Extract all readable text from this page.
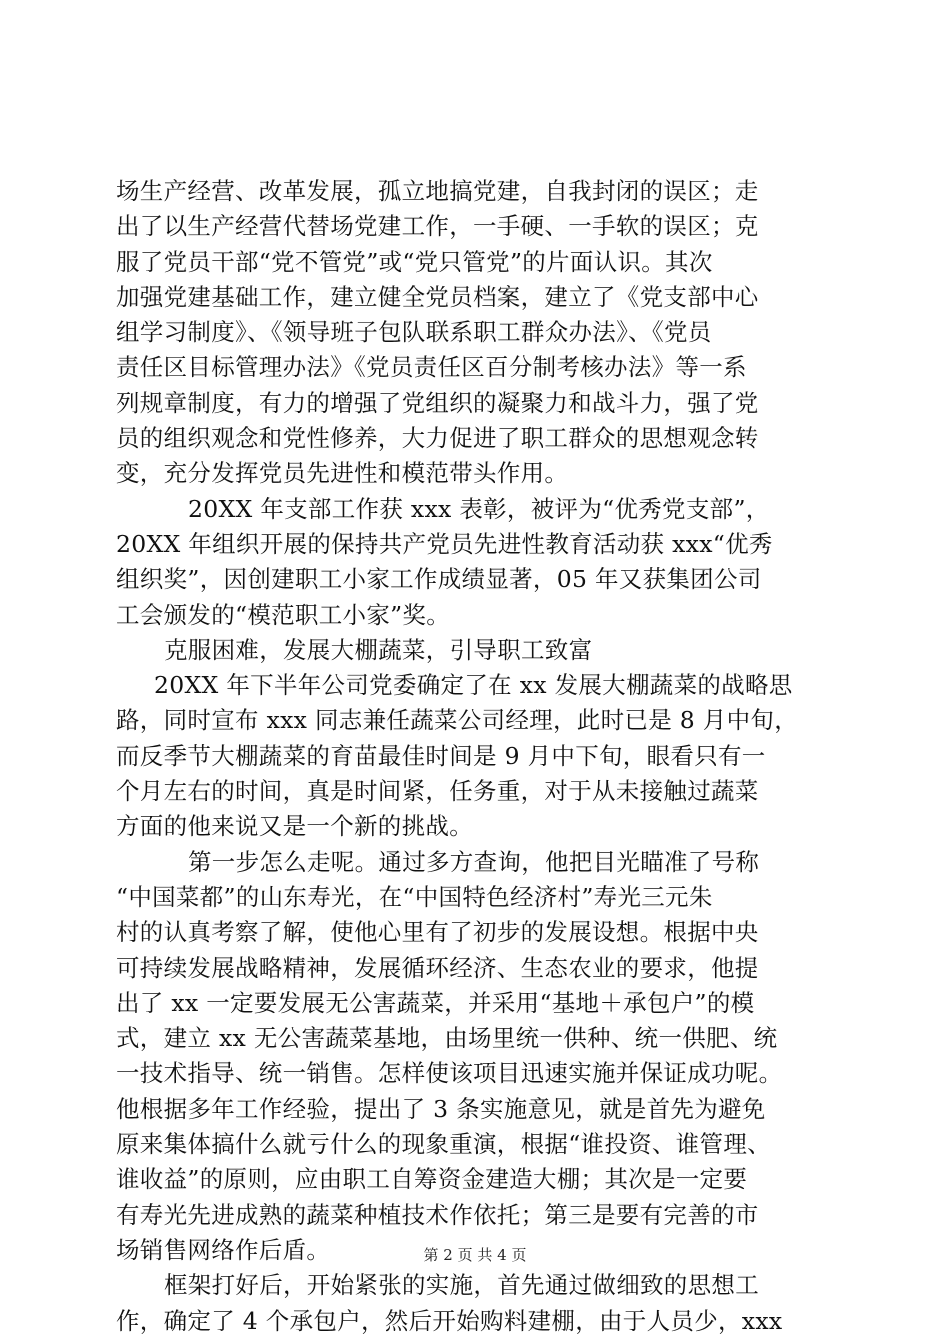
场生产经营、改革发展，孤立地搞党建，自我封闭的误区；走
出了以生产经营代替场党建工作，一手硬、一手软的误区；克
服了党员干部“党不管党”或“党只管党”的片面认识。其次
加强党建基础工作，建立健全党员档案，建立了《党支部中心
组学习制度》、《领导班子包队联系职工群众办法》、《党员
责任区目标管理办法》《党员责任区百分制考核办法》等一系
列规章制度，有力的增强了党组织的凝聚力和战斗力，强了党
员的组织观念和党性修养，大力促进了职工群众的思想观念转
变，充分发挥党员先进性和模范带头作用。
20XX 年支部工作获 xxx 表彰，被评为“优秀党支部”，
20XX 年组织开展的保持共产党员先进性教育活动获 xxx“优秀
组织奖”，因创建职工小家工作成绩显著，05 年又获集团公司
工会颁发的“模范职工小家”奖。
克服困难，发展大棚蔬菜，引导职工致富
20XX 年下半年公司党委确定了在 xx 发展大棚蔬菜的战略思
路，同时宣布 xxx 同志兼任蔬菜公司经理，此时已是 8 月中旬，
而反季节大棚蔬菜的育苗最佳时间是 9 月中下旬，眼看只有一
个月左右的时间，真是时间紧，任务重，对于从未接触过蔬菜
方面的他来说又是一个新的挑战。
第一步怎么走呢。通过多方查询，他把目光瞄准了号称
“中国菜都”的山东寿光，在“中国特色经济村”寿光三元朱
村的认真考察了解，使他心里有了初步的发展设想。根据中央
可持续发展战略精神，发展循环经济、生态农业的要求，他提
出了 xx 一定要发展无公害蔬菜，并采用“基地＋承包户”的模
式，建立 xx 无公害蔬菜基地，由场里统一供种、统一供肥、统
一技术指导、统一销售。怎样使该项目迅速实施并保证成功呢。
他根据多年工作经验，提出了 3 条实施意见，就是首先为避免
原来集体搞什么就亏什么的现象重演，根据“谁投资、谁管理、
谁收益”的原则，应由职工自筹资金建造大棚；其次是一定要
有寿光先进成熟的蔬菜种植技术作依托；第三是要有完善的市
场销售网络作后盾。
框架打好后，开始紧张的实施，首先通过做细致的思想工
作，确定了 4 个承包户，然后开始购料建棚，由于人员少，xxx
第 2 页 共 4 页
